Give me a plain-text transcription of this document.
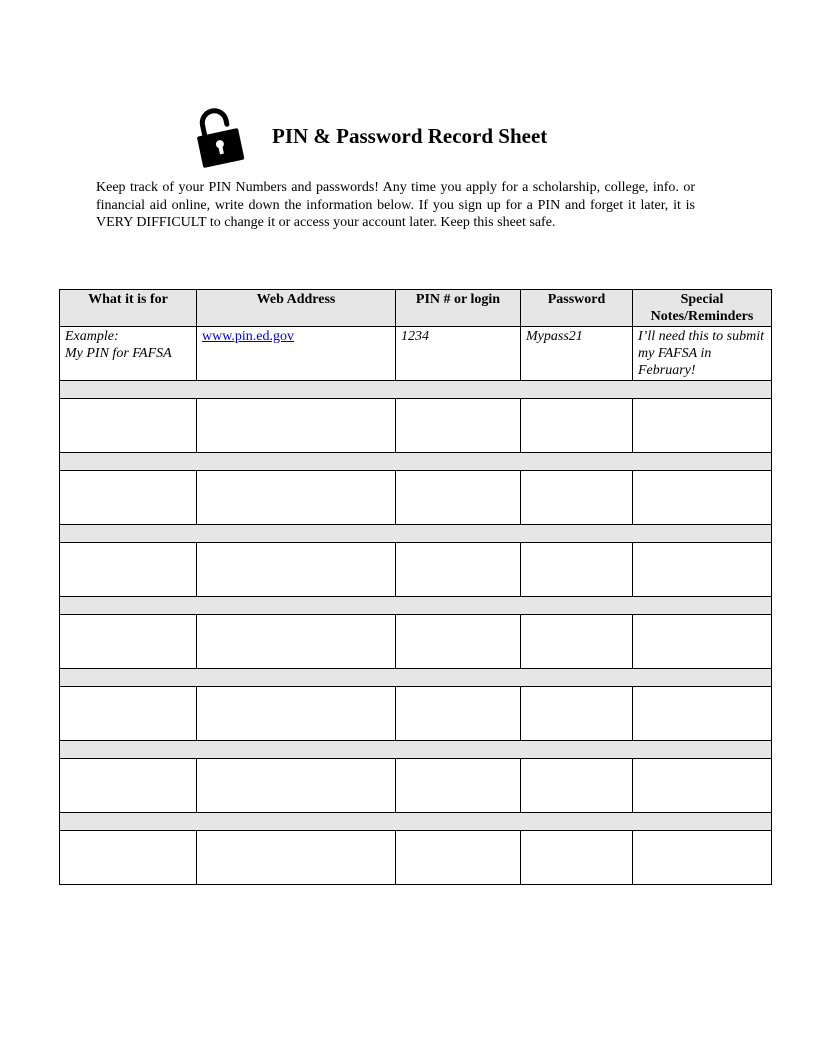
PIN & Password Record Sheet
Keep track of your PIN Numbers and passwords! Any time you apply for a scholarship, college, info. or financial aid online, write down the information below. If you sign up for a PIN and forget it later, it is VERY DIFFICULT to change it or access your account later. Keep this sheet safe.
What it is for	Web Address	PIN # or login	Password	Special Notes/Reminders

Example:
My PIN for FAFSA	www.pin.ed.gov	1234	Mypass21	I’ll need this to submit my FAFSA in February!
